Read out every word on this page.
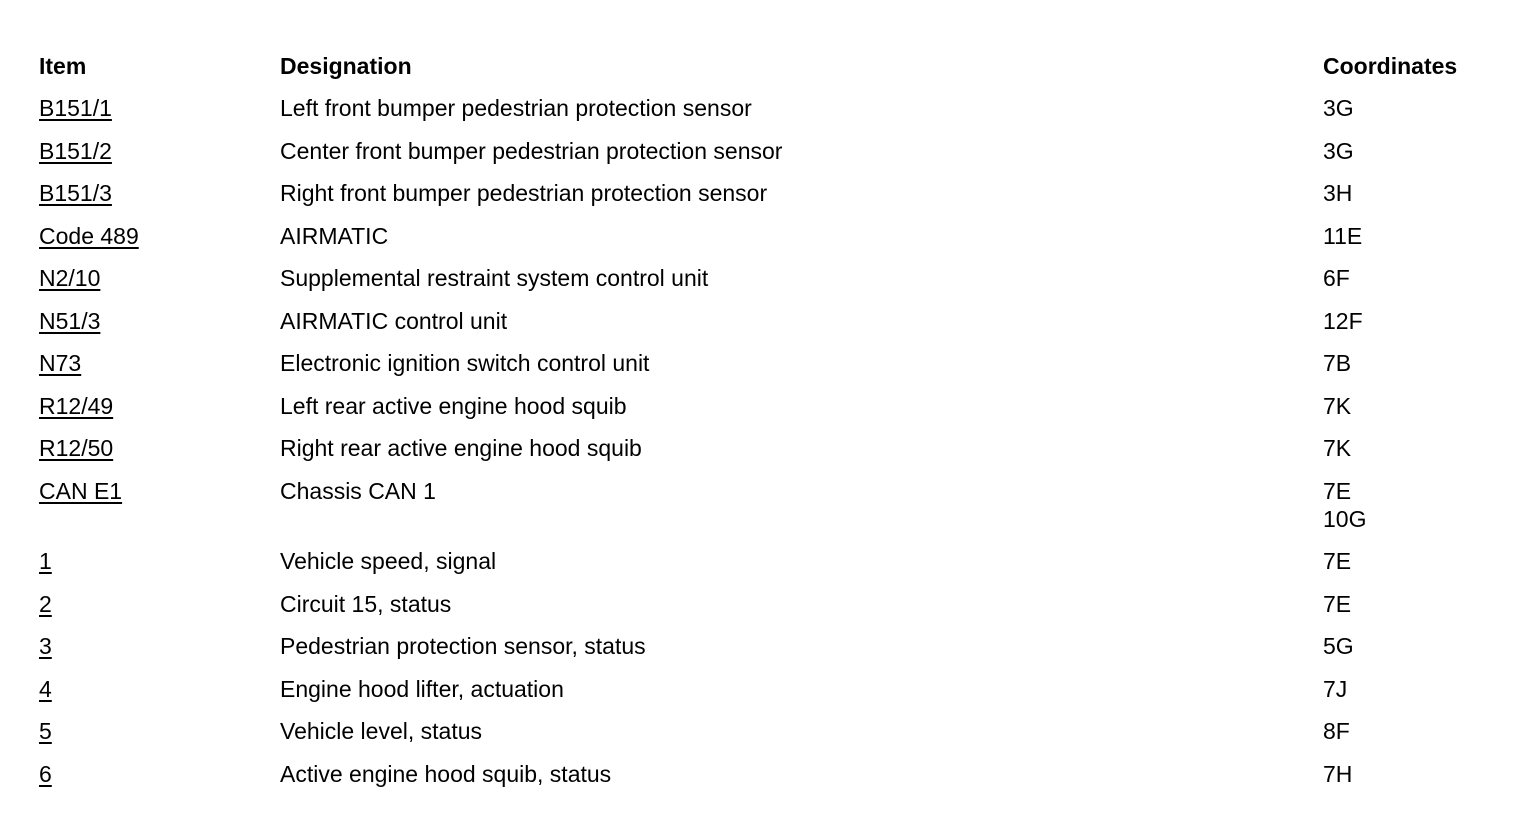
Item	Designation	Coordinates
B151/1	Left front bumper pedestrian protection sensor	3G
B151/2	Center front bumper pedestrian protection sensor	3G
B151/3	Right front bumper pedestrian protection sensor	3H
Code 489	AIRMATIC	11E
N2/10	Supplemental restraint system control unit	6F
N51/3	AIRMATIC control unit	12F
N73	Electronic ignition switch control unit	7B
R12/49	Left rear active engine hood squib	7K
R12/50	Right rear active engine hood squib	7K
CAN E1	Chassis CAN 1	7E
10G
1	Vehicle speed, signal	7E
2	Circuit 15, status	7E
3	Pedestrian protection sensor, status	5G
4	Engine hood lifter, actuation	7J
5	Vehicle level, status	8F
6	Active engine hood squib, status	7H
